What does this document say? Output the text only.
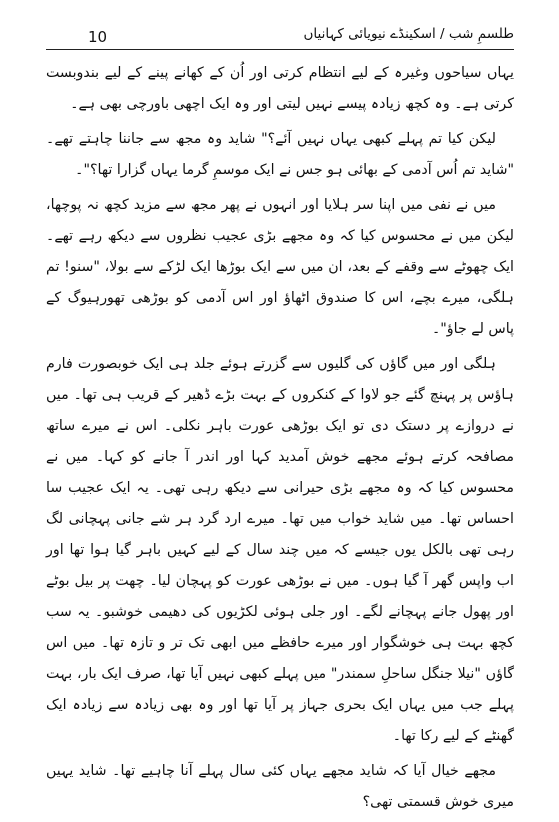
10	طلسمِ شب / اسکینڈے نیویائی کہانیاں

یہاں سیاحوں وغیرہ کے لیے انتظام کرتی اور اُن کے کھانے پینے کے لیے بندوبست کرتی ہے۔ وہ کچھ زیادہ پیسے نہیں لیتی اور وہ ایک اچھی باورچی بھی ہے۔

لیکن کیا تم پہلے کبھی یہاں نہیں آئے؟" شاید وہ مجھ سے جاننا چاہتے تھے۔ "شاید تم اُس آدمی کے بھائی ہو جس نے ایک موسمِ گرما یہاں گزارا تھا؟"۔

میں نے نفی میں اپنا سر ہلایا اور انہوں نے پھر مجھ سے مزید کچھ نہ پوچھا، لیکن میں نے محسوس کیا کہ وہ مجھے بڑی عجیب نظروں سے دیکھ رہے تھے۔ ایک چھوٹے سے وقفے کے بعد، ان میں سے ایک بوڑھا ایک لڑکے سے بولا، "سنو! تم ہلگی، میرے بچے، اس کا صندوق اٹھاؤ اور اس آدمی کو بوڑھی تھورہیوگ کے پاس لے جاؤ"۔

ہلگی اور میں گاؤں کی گلیوں سے گزرتے ہوئے جلد ہی ایک خوبصورت فارم ہاؤس پر پہنچ گئے جو لاوا کے کنکروں کے بہت بڑے ڈھیر کے قریب ہی تھا۔ میں نے دروازے پر دستک دی تو ایک بوڑھی عورت باہر نکلی۔ اس نے میرے ساتھ مصافحہ کرتے ہوئے مجھے خوش آمدید کہا اور اندر آ جانے کو کہا۔ میں نے محسوس کیا کہ وہ مجھے بڑی حیرانی سے دیکھ رہی تھی۔ یہ ایک عجیب سا احساس تھا۔ میں شاید خواب میں تھا۔ میرے ارد گرد ہر شے جانی پہچانی لگ رہی تھی بالکل یوں جیسے کہ میں چند سال کے لیے کہیں باہر گیا ہوا تھا اور اب واپس گھر آ گیا ہوں۔ میں نے بوڑھی عورت کو پہچان لیا۔ چھت پر بیل بوٹے اور پھول جانے پہچانے لگے۔ اور جلی ہوئی لکڑیوں کی دھیمی خوشبو۔ یہ سب کچھ بہت ہی خوشگوار اور میرے حافظے میں ابھی تک تر و تازہ تھا۔ میں اس گاؤں "نیلا جنگل ساحلِ سمندر" میں پہلے کبھی نہیں آیا تھا، صرف ایک بار، بہت پہلے جب میں یہاں ایک بحری جہاز پر آیا تھا اور وہ بھی زیادہ سے زیادہ ایک گھنٹے کے لیے رکا تھا۔

مجھے خیال آیا کہ شاید مجھے یہاں کئی سال پہلے آنا چاہیے تھا۔ شاید یہیں میری خوش قسمتی تھی؟
